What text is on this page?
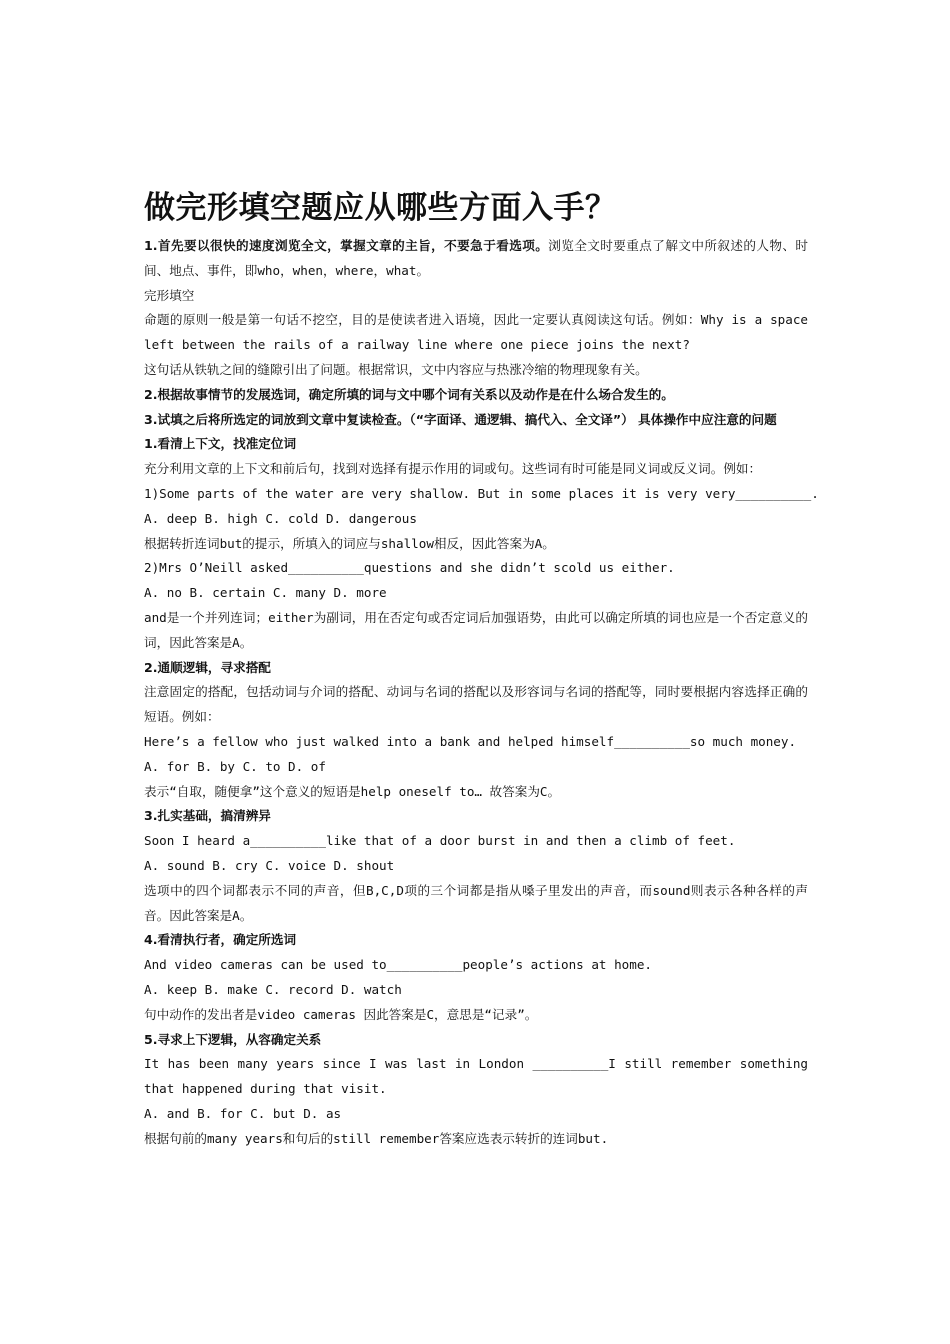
做完形填空题应从哪些方面入手？

1.首先要以很快的速度浏览全文，掌握文章的主旨，不要急于看选项。浏览全文时要重点了解文中所叙述的人物、时间、地点、事件，即who，when，where，what。

完形填空

命题的原则一般是第一句话不挖空，目的是使读者进入语境，因此一定要认真阅读这句话。例如：Why is a space left between the rails of a railway line where one piece joins the next?

这句话从铁轨之间的缝隙引出了问题。根据常识，文中内容应与热涨冷缩的物理现象有关。

2.根据故事情节的发展选词，确定所填的词与文中哪个词有关系以及动作是在什么场合发生的。

3.试填之后将所选定的词放到文章中复读检查。（“字面译、通逻辑、搞代入、全文译”） 具体操作中应注意的问题

1.看清上下文，找准定位词

充分利用文章的上下文和前后句，找到对选择有提示作用的词或句。这些词有时可能是同义词或反义词。例如：

1)Some parts of the water are very shallow. But in some places it is very very__________.

A. deep B. high C. cold D. dangerous

根据转折连词but的提示，所填入的词应与shallow相反，因此答案为A。

2)Mrs O’Neill asked__________questions and she didn’t scold us either.

A. no B. certain C. many D. more

and是一个并列连词；either为副词，用在否定句或否定词后加强语势，由此可以确定所填的词也应是一个否定意义的词，因此答案是A。

2.通顺逻辑，寻求搭配

注意固定的搭配，包括动词与介词的搭配、动词与名词的搭配以及形容词与名词的搭配等，同时要根据内容选择正确的短语。例如：

Here’s a fellow who just walked into a bank and helped himself__________so much money.

A. for B. by C. to D. of

表示“自取，随便拿”这个意义的短语是help oneself to… 故答案为C。

3.扎实基础，搞清辨异

Soon I heard a__________like that of a door burst in and then a climb of feet.

A. sound B. cry C. voice D. shout

选项中的四个词都表示不同的声音，但B,C,D项的三个词都是指从嗓子里发出的声音，而sound则表示各种各样的声音。因此答案是A。

4.看清执行者，确定所选词

And video cameras can be used to__________people’s actions at home.

A. keep B. make C. record D. watch

句中动作的发出者是video cameras 因此答案是C，意思是“记录”。

5.寻求上下逻辑，从容确定关系

It has been many years since I was last in London __________I still remember something that happened during that visit.

A. and B. for C. but D. as

根据句前的many years和句后的still remember答案应选表示转折的连词but.
